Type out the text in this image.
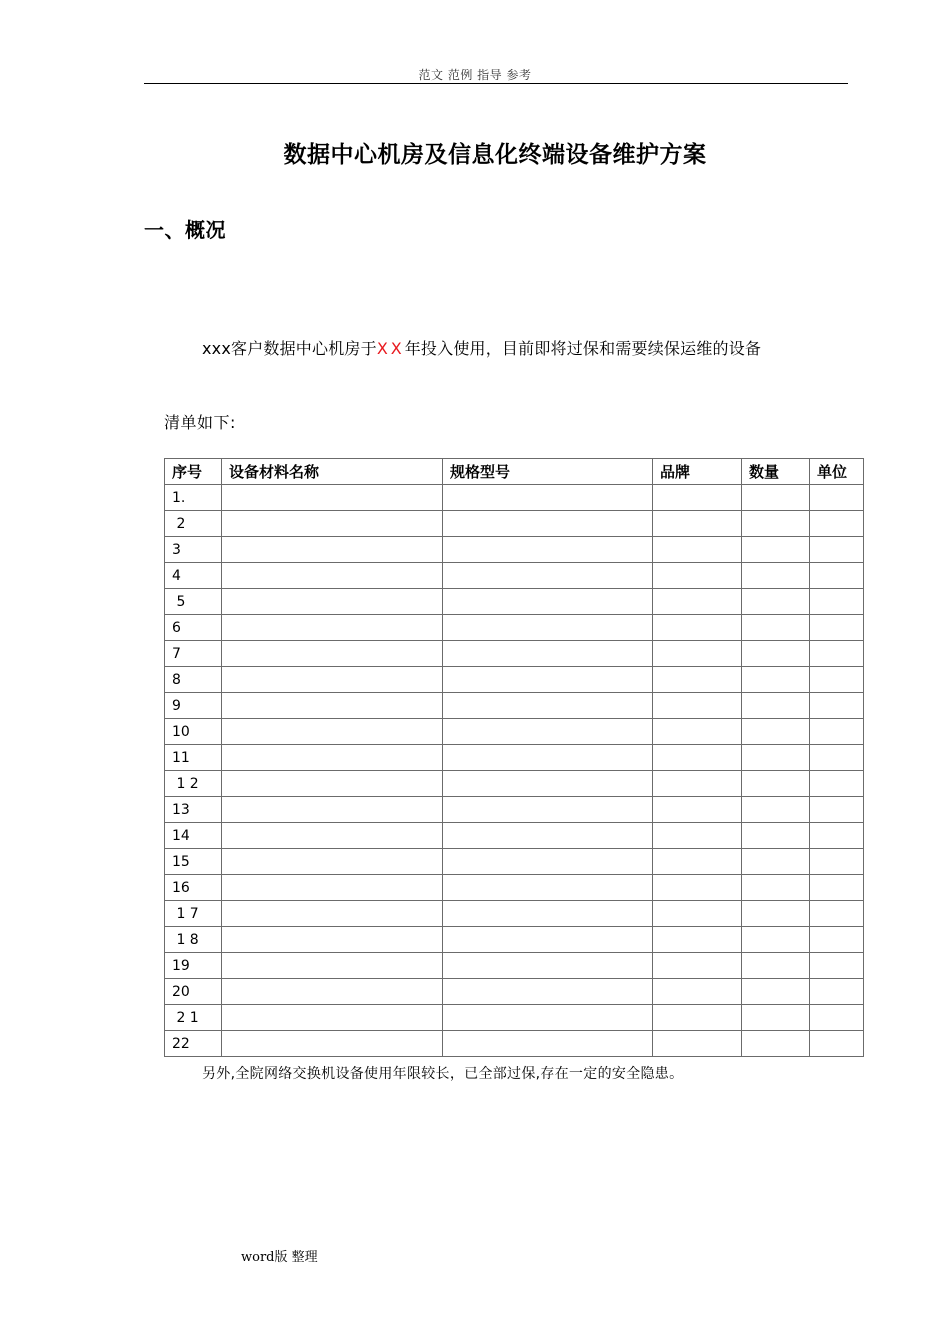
范文 范例 指导 参考
数据中心机房及信息化终端设备维护方案
一、概况
xxx客户数据中心机房于XX年投入使用，目前即将过保和需要续保运维的设备
清单如下:
序号	设备材料名称	规格型号	品牌	数量	单位
1.					
2					
3					
4					
5					
6					
7					
8					
9					
10					
11					
1 2					
13					
14					
15					
16					
1 7					
1 8					
19					
20					
2 1					
22					
另外,全院网络交换机设备使用年限较长，已全部过保,存在一定的安全隐患。
word版 整理
